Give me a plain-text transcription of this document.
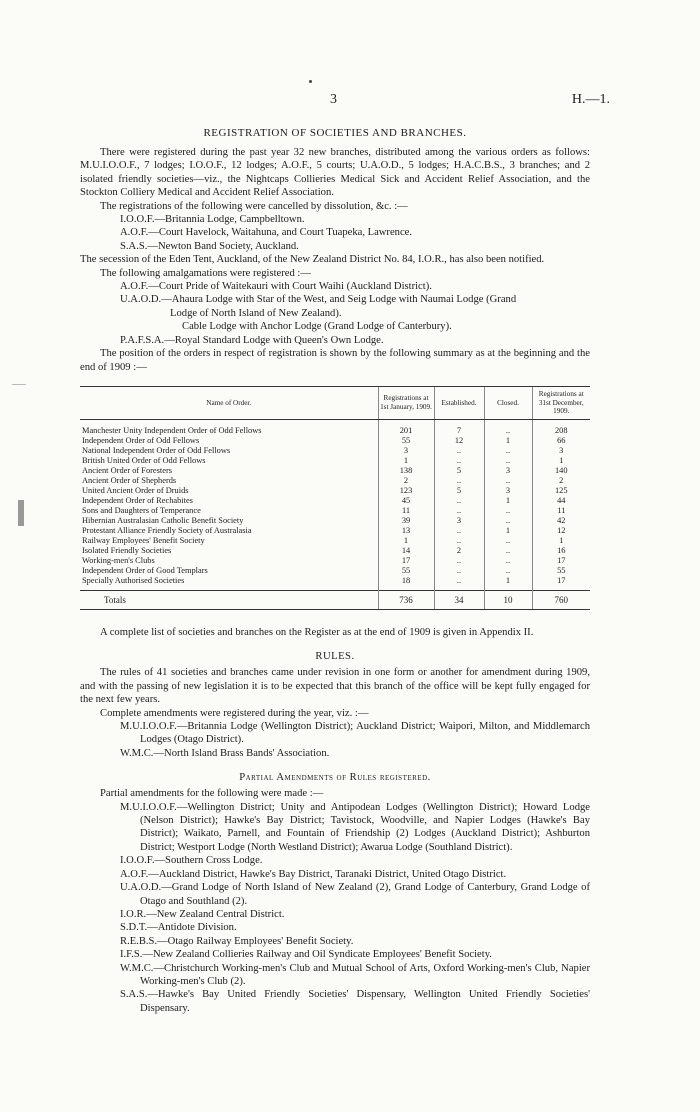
3	H.—1.
REGISTRATION OF SOCIETIES AND BRANCHES.

There were registered during the past year 32 new branches, distributed among the various orders as follows: M.U.I.O.O.F., 7 lodges; I.O.O.F., 12 lodges; A.O.F., 5 courts; U.A.O.D., 5 lodges; H.A.C.B.S., 3 branches; and 2 isolated friendly societies—viz., the Nightcaps Collieries Medical Sick and Accident Relief Association, and the Stockton Colliery Medical and Accident Relief Association.

The registrations of the following were cancelled by dissolution, &c. :—

I.O.O.F.—Britannia Lodge, Campbelltown.

A.O.F.—Court Havelock, Waitahuna, and Court Tuapeka, Lawrence.

S.A.S.—Newton Band Society, Auckland.

The secession of the Eden Tent, Auckland, of the New Zealand District No. 84, I.O.R., has also been notified.

The following amalgamations were registered :—

A.O.F.—Court Pride of Waitekauri with Court Waihi (Auckland District).

U.A.O.D.—Ahaura Lodge with Star of the West, and Seig Lodge with Naumai Lodge (Grand

Lodge of North Island of New Zealand).

Cable Lodge with Anchor Lodge (Grand Lodge of Canterbury).

P.A.F.S.A.—Royal Standard Lodge with Queen's Own Lodge.

The position of the orders in respect of registration is shown by the following summary as at the beginning and the end of 1909 :—

Name of Order.	Registrations at 1st January, 1909.	Established.	Closed.	Registrations at 31st December, 1909.
Manchester Unity Independent Order of Odd Fellows	201	7	..	208
Independent Order of Odd Fellows	55	12	1	66
National Independent Order of Odd Fellows	3	..	..	3
British United Order of Odd Fellows	1	..	..	1
Ancient Order of Foresters	138	5	3	140
Ancient Order of Shepherds	2	..	..	2
United Ancient Order of Druids	123	5	3	125
Independent Order of Rechabites	45	..	1	44
Sons and Daughters of Temperance	11	..	..	11
Hibernian Australasian Catholic Benefit Society	39	3	..	42
Protestant Alliance Friendly Society of Australasia	13	..	1	12
Railway Employees' Benefit Society	1	..	..	1
Isolated Friendly Societies	14	2	..	16
Working-men's Clubs	17	..	..	17
Independent Order of Good Templars	55	..	..	55
Specially Authorised Societies	18	..	1	17
Totals	736	34	10	760

A complete list of societies and branches on the Register as at the end of 1909 is given in Appendix II.

RULES.

The rules of 41 societies and branches came under revision in one form or another for amendment during 1909, and with the passing of new legislation it is to be expected that this branch of the office will be kept fully engaged for the next few years.

Complete amendments were registered during the year, viz. :—

M.U.I.O.O.F.—Britannia Lodge (Wellington District); Auckland District; Waipori, Milton, and Middlemarch Lodges (Otago District).

W.M.C.—North Island Brass Bands' Association.

Partial Amendments of Rules registered.

Partial amendments for the following were made :—

M.U.I.O.O.F.—Wellington District; Unity and Antipodean Lodges (Wellington District); Howard Lodge (Nelson District); Hawke's Bay District; Tavistock, Woodville, and Napier Lodges (Hawke's Bay District); Waikato, Parnell, and Fountain of Friendship (2) Lodges (Auckland District); Ashburton District; Westport Lodge (North Westland District); Awarua Lodge (Southland District).

I.O.O.F.—Southern Cross Lodge.

A.O.F.—Auckland District, Hawke's Bay District, Taranaki District, United Otago District.

U.A.O.D.—Grand Lodge of North Island of New Zealand (2), Grand Lodge of Canterbury, Grand Lodge of Otago and Southland (2).

I.O.R.—New Zealand Central District.

S.D.T.—Antidote Division.

R.E.B.S.—Otago Railway Employees' Benefit Society.

I.F.S.—New Zealand Collieries Railway and Oil Syndicate Employees' Benefit Society.

W.M.C.—Christchurch Working-men's Club and Mutual School of Arts, Oxford Working-men's Club, Napier Working-men's Club (2).

S.A.S.—Hawke's Bay United Friendly Societies' Dispensary, Wellington United Friendly Societies' Dispensary.
